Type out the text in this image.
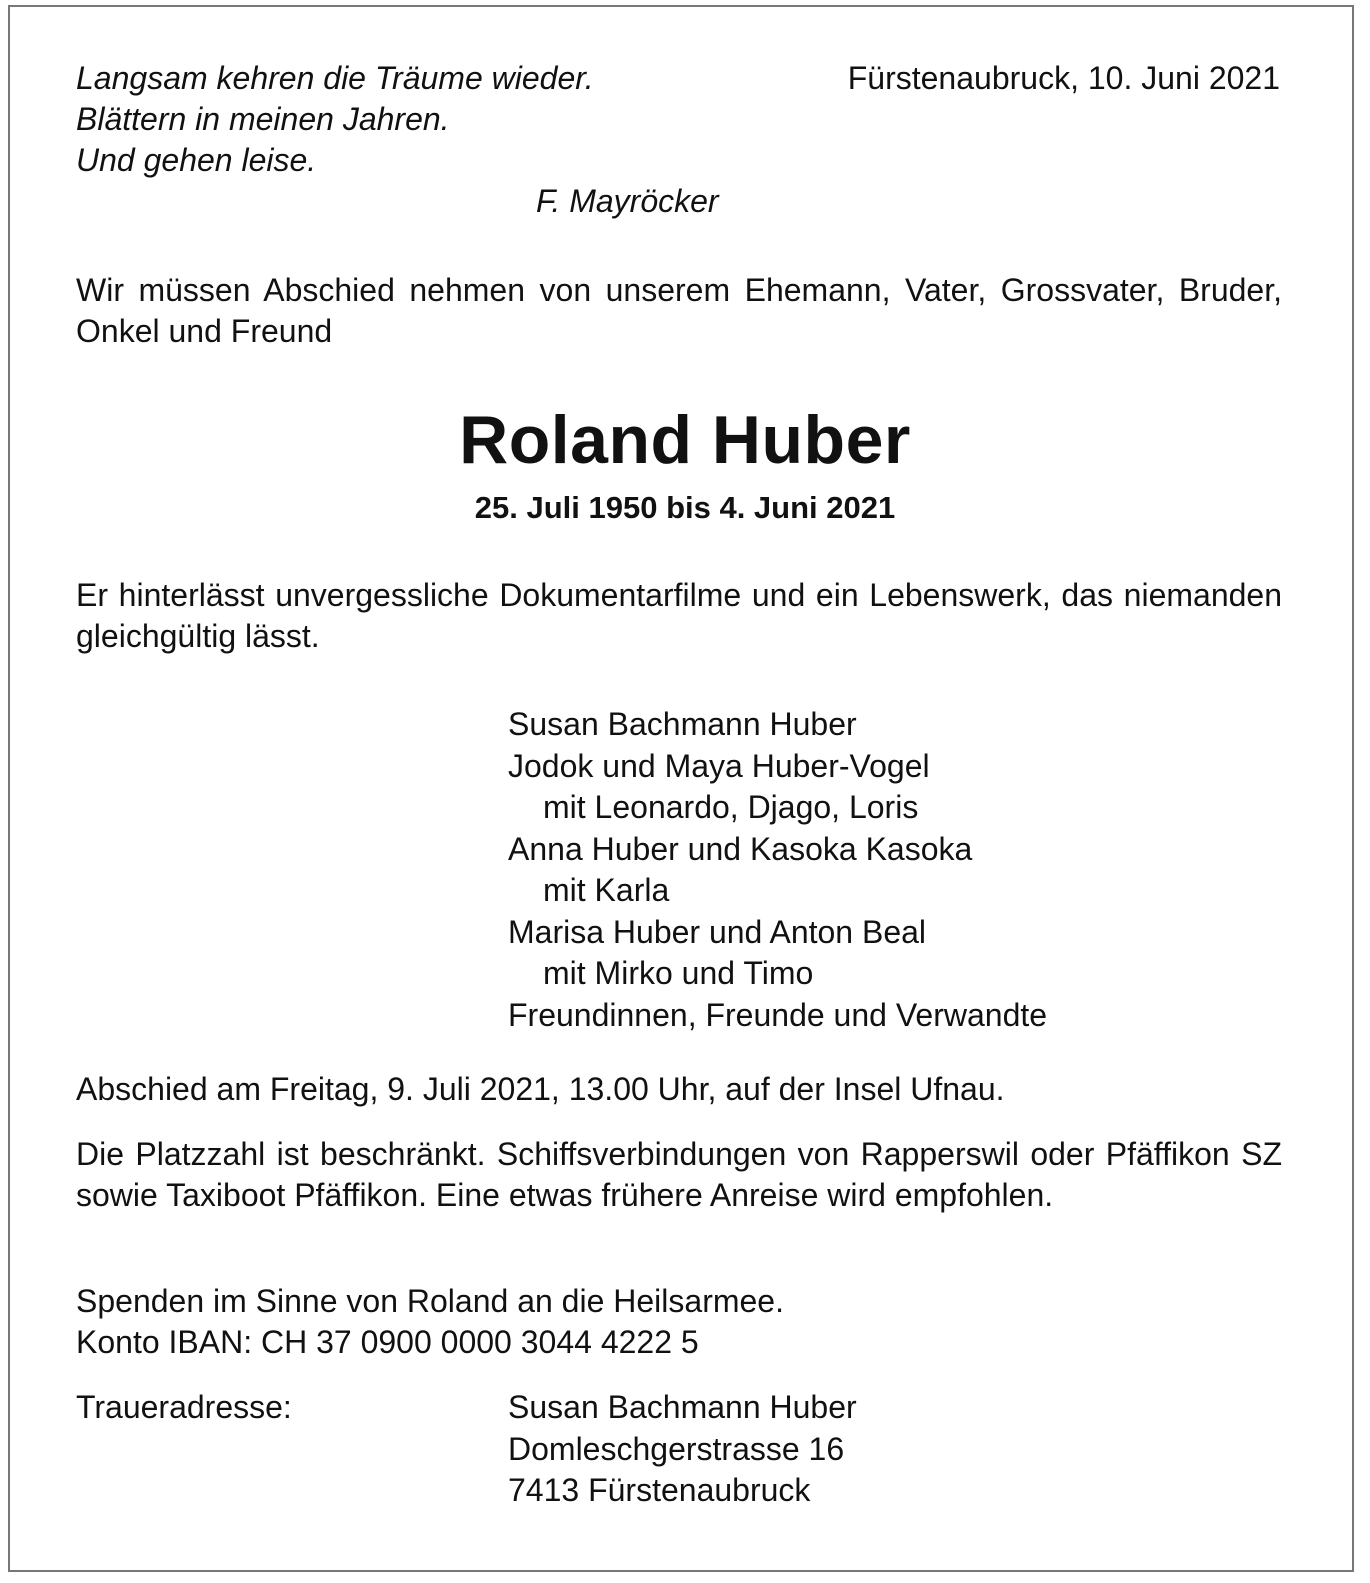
Langsam kehren die Träume wieder.
Blättern in meinen Jahren.
Und gehen leise.
F. Mayröcker
Fürstenaubruck, 10. Juni 2021
Wir müssen Abschied nehmen von unserem Ehemann, Vater, Grossvater, Bruder, Onkel und Freund
Roland Huber
25. Juli 1950 bis 4. Juni 2021
Er hinterlässt unvergessliche Dokumentarfilme und ein Lebenswerk, das niemanden gleichgültig lässt.
Susan Bachmann Huber
Jodok und Maya Huber-Vogel
mit Leonardo, Djago, Loris
Anna Huber und Kasoka Kasoka
mit Karla
Marisa Huber und Anton Beal
mit Mirko und Timo
Freundinnen, Freunde und Verwandte
Abschied am Freitag, 9. Juli 2021, 13.00 Uhr, auf der Insel Ufnau.
Die Platzzahl ist beschränkt. Schiffsverbindungen von Rapperswil oder Pfäffikon SZ sowie Taxiboot Pfäffikon. Eine etwas frühere Anreise wird empfohlen.
Spenden im Sinne von Roland an die Heilsarmee.
Konto IBAN: CH 37 0900 0000 3044 4222 5
Traueradresse:	Susan Bachmann Huber
Domleschgerstrasse 16
7413 Fürstenaubruck
